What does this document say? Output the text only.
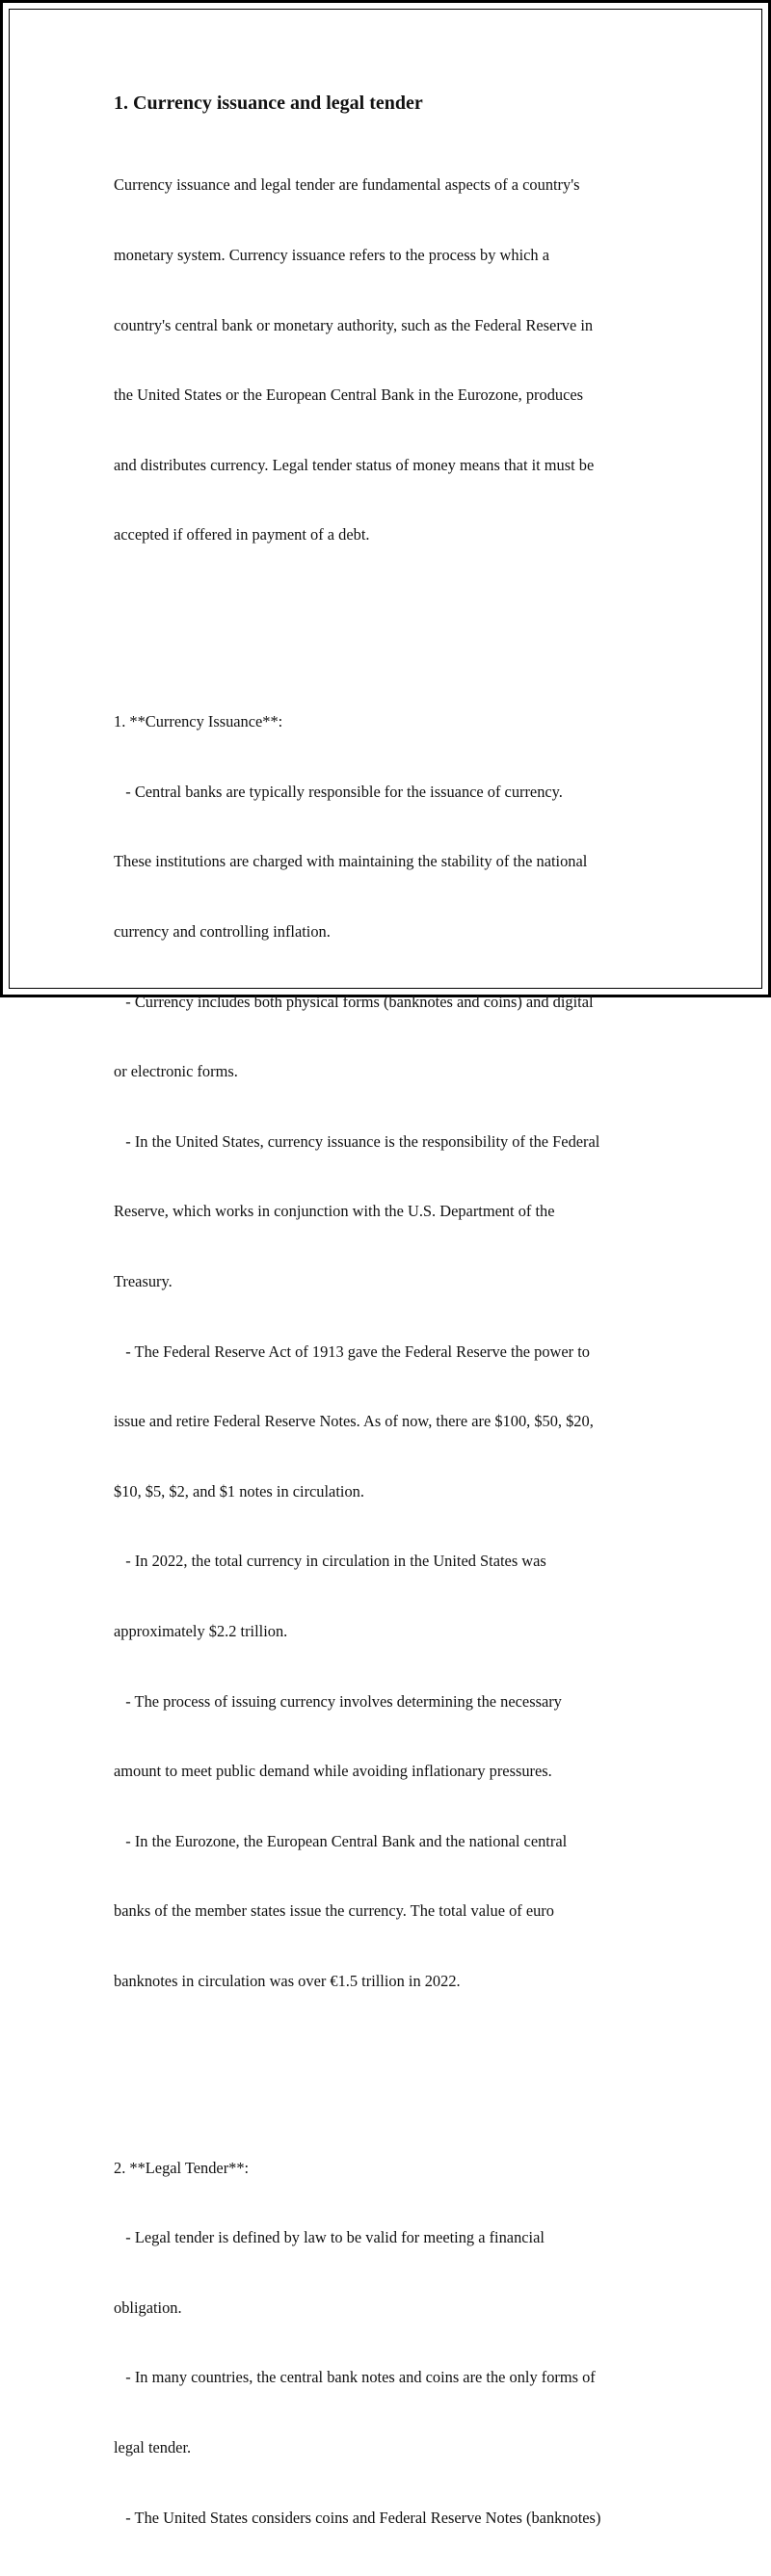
1. Currency issuance and legal tender

Currency issuance and legal tender are fundamental aspects of a country's

monetary system. Currency issuance refers to the process by which a

country's central bank or monetary authority, such as the Federal Reserve in

the United States or the European Central Bank in the Eurozone, produces

and distributes currency. Legal tender status of money means that it must be

accepted if offered in payment of a debt.

1. **Currency Issuance**:

- Central banks are typically responsible for the issuance of currency.

These institutions are charged with maintaining the stability of the national

currency and controlling inflation.

- Currency includes both physical forms (banknotes and coins) and digital

or electronic forms.

- In the United States, currency issuance is the responsibility of the Federal

Reserve, which works in conjunction with the U.S. Department of the

Treasury.

- The Federal Reserve Act of 1913 gave the Federal Reserve the power to

issue and retire Federal Reserve Notes. As of now, there are $100, $50, $20,

$10, $5, $2, and $1 notes in circulation.

- In 2022, the total currency in circulation in the United States was

approximately $2.2 trillion.

- The process of issuing currency involves determining the necessary

amount to meet public demand while avoiding inflationary pressures.

- In the Eurozone, the European Central Bank and the national central

banks of the member states issue the currency. The total value of euro

banknotes in circulation was over €1.5 trillion in 2022.

2. **Legal Tender**:

- Legal tender is defined by law to be valid for meeting a financial

obligation.

- In many countries, the central bank notes and coins are the only forms of

legal tender.

- The United States considers coins and Federal Reserve Notes (banknotes)
